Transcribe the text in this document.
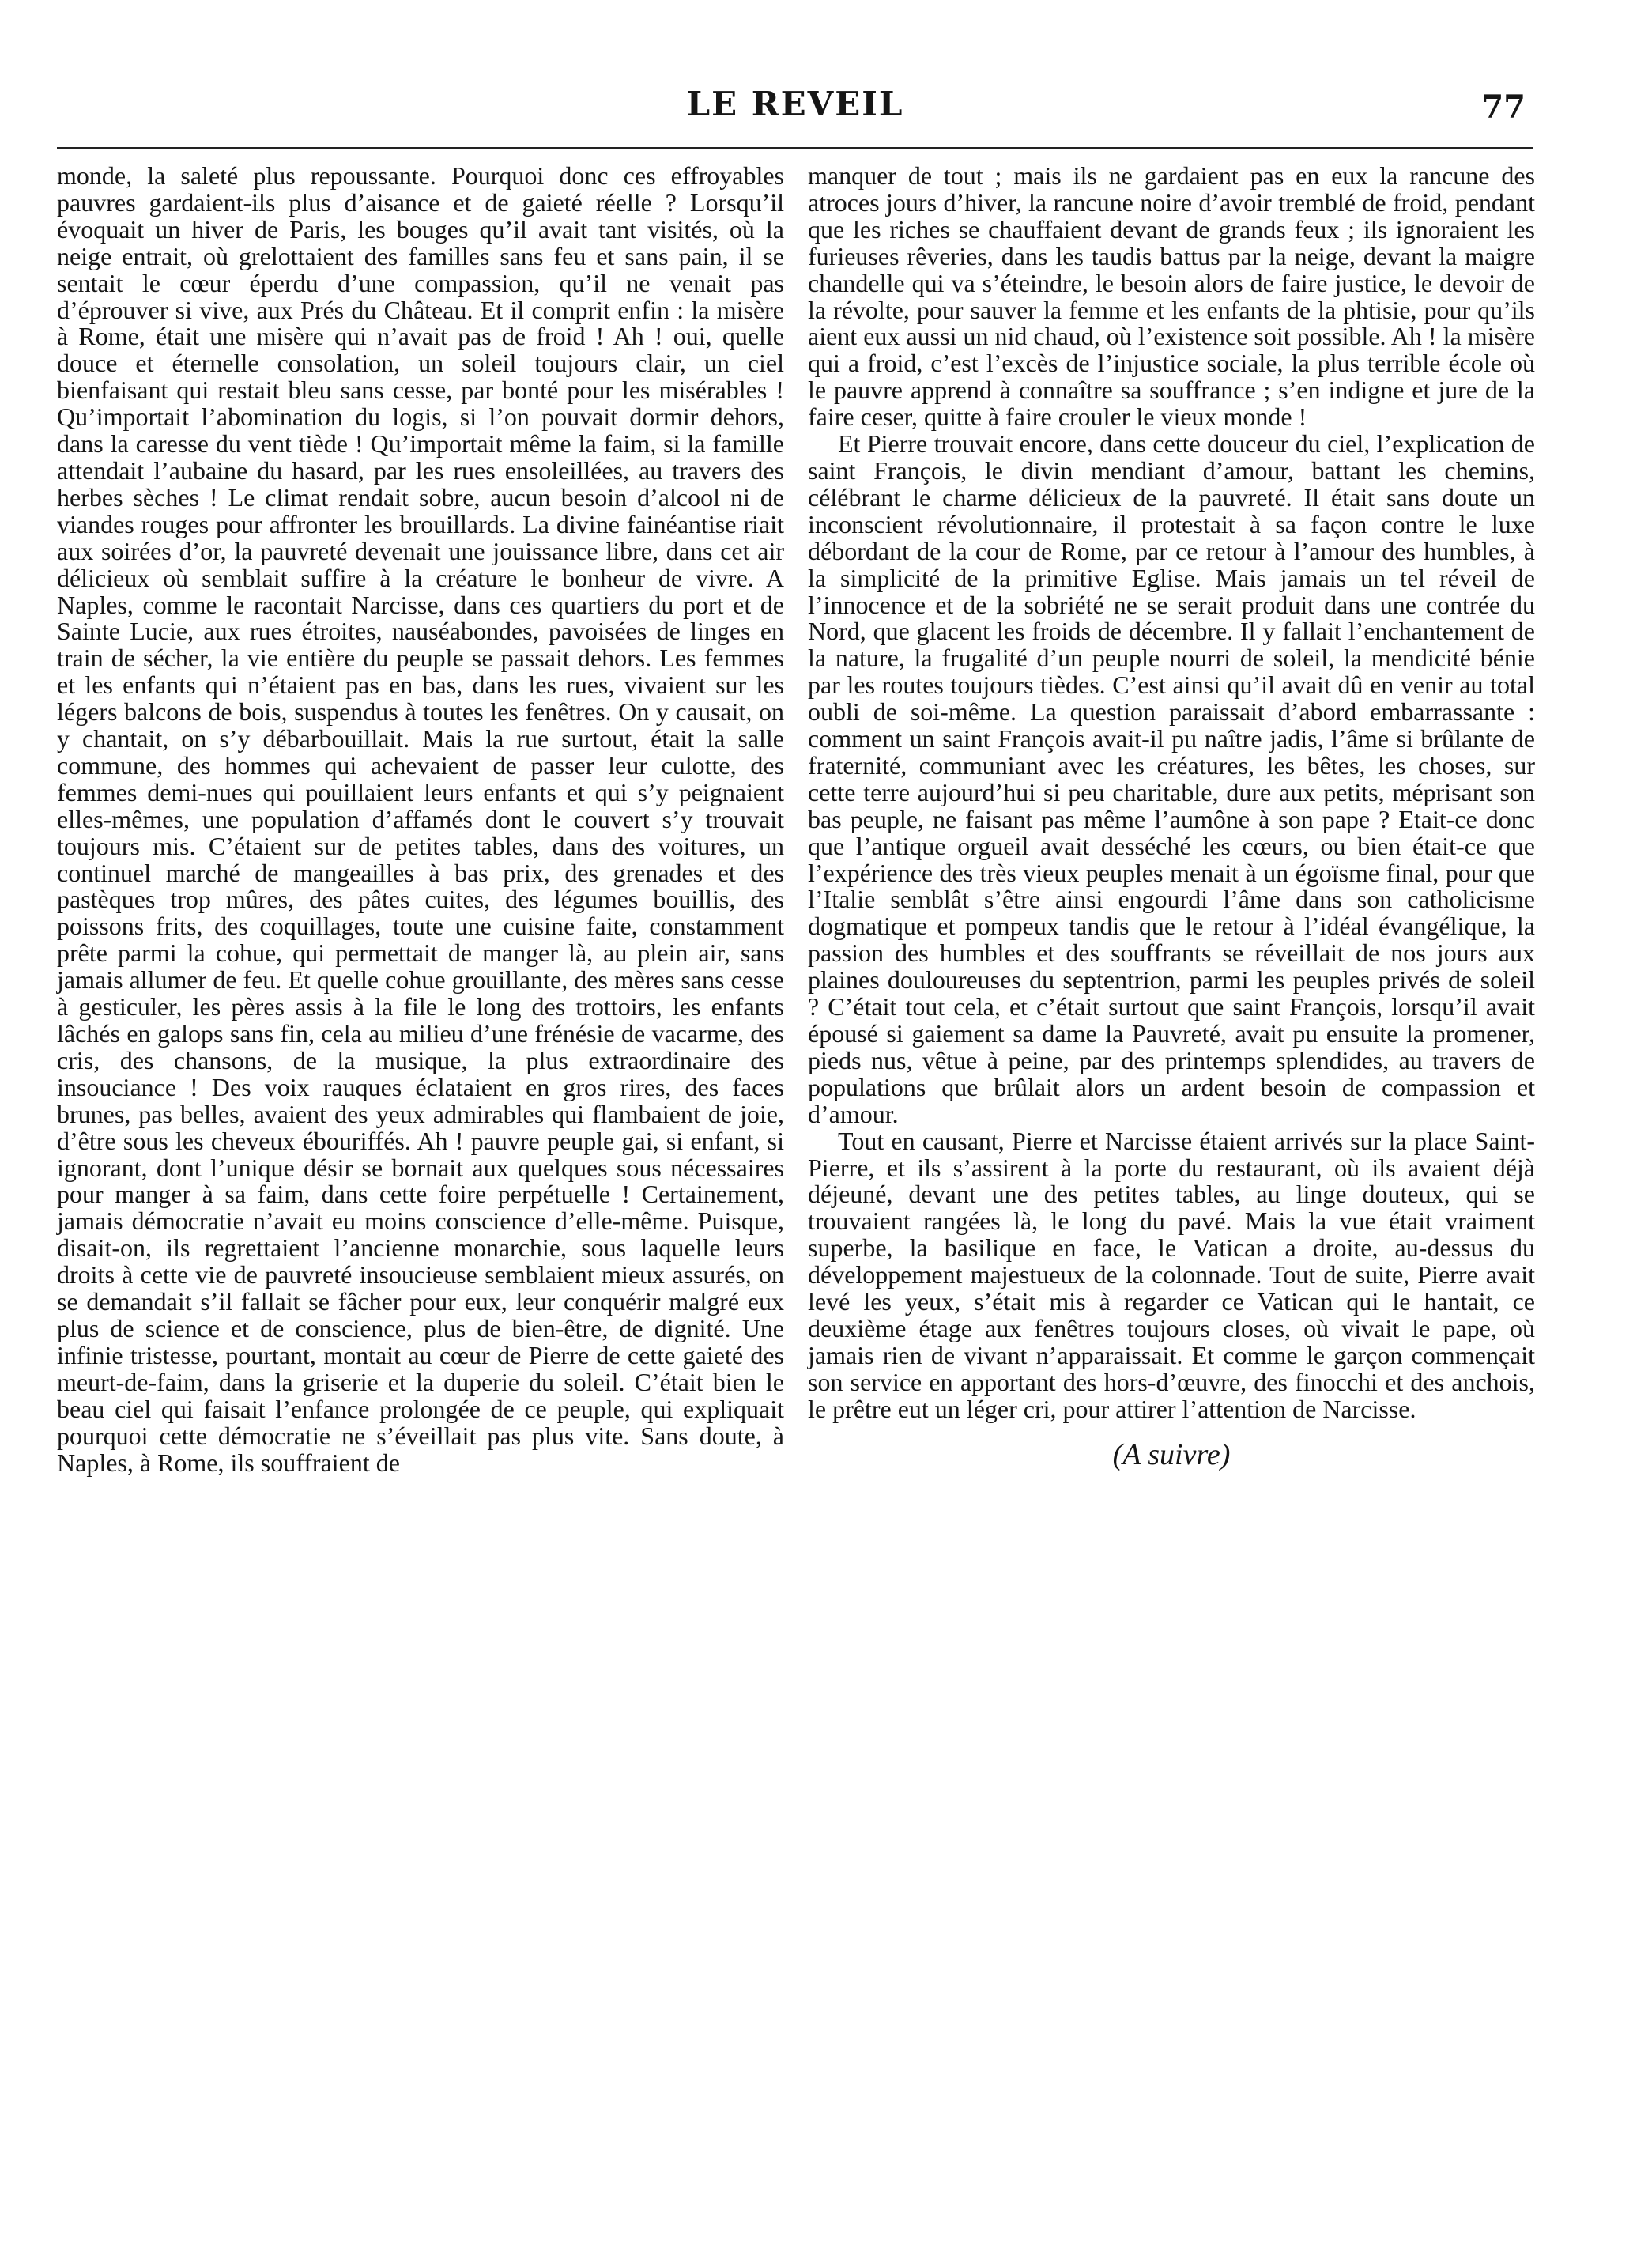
LE REVEIL	77

monde, la saleté plus repoussante. Pourquoi donc ces effroyables pauvres gardaient-ils plus d’aisance et de gaieté réelle ? Lorsqu’il évoquait un hiver de Paris, les bouges qu’il avait tant visités, où la neige entrait, où grelottaient des familles sans feu et sans pain, il se sentait le cœur éperdu d’une compassion, qu’il ne venait pas d’éprouver si vive, aux Prés du Château. Et il comprit enfin : la misère à Rome, était une misère qui n’avait pas de froid ! Ah ! oui, quelle douce et éternelle consolation, un soleil toujours clair, un ciel bienfaisant qui restait bleu sans cesse, par bonté pour les misérables ! Qu’importait l’abomination du logis, si l’on pouvait dormir dehors, dans la caresse du vent tiède ! Qu’importait même la faim, si la famille attendait l’aubaine du hasard, par les rues ensoleillées, au travers des herbes sèches ! Le climat rendait sobre, aucun besoin d’alcool ni de viandes rouges pour affronter les brouillards. La divine fainéantise riait aux soirées d’or, la pauvreté devenait une jouissance libre, dans cet air délicieux où semblait suffire à la créature le bonheur de vivre. A Naples, comme le racontait Narcisse, dans ces quartiers du port et de Sainte Lucie, aux rues étroites, nauséabondes, pavoisées de linges en train de sécher, la vie entière du peuple se passait dehors. Les femmes et les enfants qui n’étaient pas en bas, dans les rues, vivaient sur les légers balcons de bois, suspendus à toutes les fenêtres. On y causait, on y chantait, on s’y débarbouillait. Mais la rue surtout, était la salle commune, des hommes qui achevaient de passer leur culotte, des femmes demi-nues qui pouillaient leurs enfants et qui s’y peignaient elles-mêmes, une population d’affamés dont le couvert s’y trouvait toujours mis. C’étaient sur de petites tables, dans des voitures, un continuel marché de mangeailles à bas prix, des grenades et des pastèques trop mûres, des pâtes cuites, des légumes bouillis, des poissons frits, des coquillages, toute une cuisine faite, constamment prête parmi la cohue, qui permettait de manger là, au plein air, sans jamais allumer de feu. Et quelle cohue grouillante, des mères sans cesse à gesticuler, les pères assis à la file le long des trottoirs, les enfants lâchés en galops sans fin, cela au milieu d’une frénésie de vacarme, des cris, des chansons, de la musique, la plus extraordinaire des insouciance ! Des voix rauques éclataient en gros rires, des faces brunes, pas belles, avaient des yeux admirables qui flambaient de joie, d’être sous les cheveux ébouriffés. Ah ! pauvre peuple gai, si enfant, si ignorant, dont l’unique désir se bornait aux quelques sous nécessaires pour manger à sa faim, dans cette foire perpétuelle ! Certainement, jamais démocratie n’avait eu moins conscience d’elle-même. Puisque, disait-on, ils regrettaient l’ancienne monarchie, sous laquelle leurs droits à cette vie de pauvreté insoucieuse semblaient mieux assurés, on se demandait s’il fallait se fâcher pour eux, leur conquérir malgré eux plus de science et de conscience, plus de bien-être, de dignité. Une infinie tristesse, pourtant, montait au cœur de Pierre de cette gaieté des meurt-de-faim, dans la griserie et la duperie du soleil. C’était bien le beau ciel qui faisait l’enfance prolongée de ce peuple, qui expliquait pourquoi cette démocratie ne s’éveillait pas plus vite. Sans doute, à Naples, à Rome, ils souffraient de

manquer de tout ; mais ils ne gardaient pas en eux la rancune des atroces jours d’hiver, la rancune noire d’avoir tremblé de froid, pendant que les riches se chauffaient devant de grands feux ; ils ignoraient les furieuses rêveries, dans les taudis battus par la neige, devant la maigre chandelle qui va s’éteindre, le besoin alors de faire justice, le devoir de la révolte, pour sauver la femme et les enfants de la phtisie, pour qu’ils aient eux aussi un nid chaud, où l’existence soit possible. Ah ! la misère qui a froid, c’est l’excès de l’injustice sociale, la plus terrible école où le pauvre apprend à connaître sa souffrance ; s’en indigne et jure de la faire ceser, quitte à faire crouler le vieux monde !

Et Pierre trouvait encore, dans cette douceur du ciel, l’explication de saint François, le divin mendiant d’amour, battant les chemins, célébrant le charme délicieux de la pauvreté. Il était sans doute un inconscient révolutionnaire, il protestait à sa façon contre le luxe débordant de la cour de Rome, par ce retour à l’amour des humbles, à la simplicité de la primitive Eglise. Mais jamais un tel réveil de l’innocence et de la sobriété ne se serait produit dans une contrée du Nord, que glacent les froids de décembre. Il y fallait l’enchantement de la nature, la frugalité d’un peuple nourri de soleil, la mendicité bénie par les routes toujours tièdes. C’est ainsi qu’il avait dû en venir au total oubli de soi-même. La question paraissait d’abord embarrassante : comment un saint François avait-il pu naître jadis, l’âme si brûlante de fraternité, communiant avec les créatures, les bêtes, les choses, sur cette terre aujourd’hui si peu charitable, dure aux petits, méprisant son bas peuple, ne faisant pas même l’aumône à son pape ? Etait-ce donc que l’antique orgueil avait desséché les cœurs, ou bien était-ce que l’expérience des très vieux peuples menait à un égoïsme final, pour que l’Italie semblât s’être ainsi engourdi l’âme dans son catholicisme dogmatique et pompeux tandis que le retour à l’idéal évangélique, la passion des humbles et des souffrants se réveillait de nos jours aux plaines douloureuses du septentrion, parmi les peuples privés de soleil ? C’était tout cela, et c’était surtout que saint François, lorsqu’il avait épousé si gaiement sa dame la Pauvreté, avait pu ensuite la promener, pieds nus, vêtue à peine, par des printemps splendides, au travers de populations que brûlait alors un ardent besoin de compassion et d’amour.

Tout en causant, Pierre et Narcisse étaient arrivés sur la place Saint-Pierre, et ils s’assirent à la porte du restaurant, où ils avaient déjà déjeuné, devant une des petites tables, au linge douteux, qui se trouvaient rangées là, le long du pavé. Mais la vue était vraiment superbe, la basilique en face, le Vatican a droite, au-dessus du développement majestueux de la colonnade. Tout de suite, Pierre avait levé les yeux, s’était mis à regarder ce Vatican qui le hantait, ce deuxième étage aux fenêtres toujours closes, où vivait le pape, où jamais rien de vivant n’apparaissait. Et comme le garçon commençait son service en apportant des hors-d’œuvre, des finocchi et des anchois, le prêtre eut un léger cri, pour attirer l’attention de Narcisse.

(A suivre)
